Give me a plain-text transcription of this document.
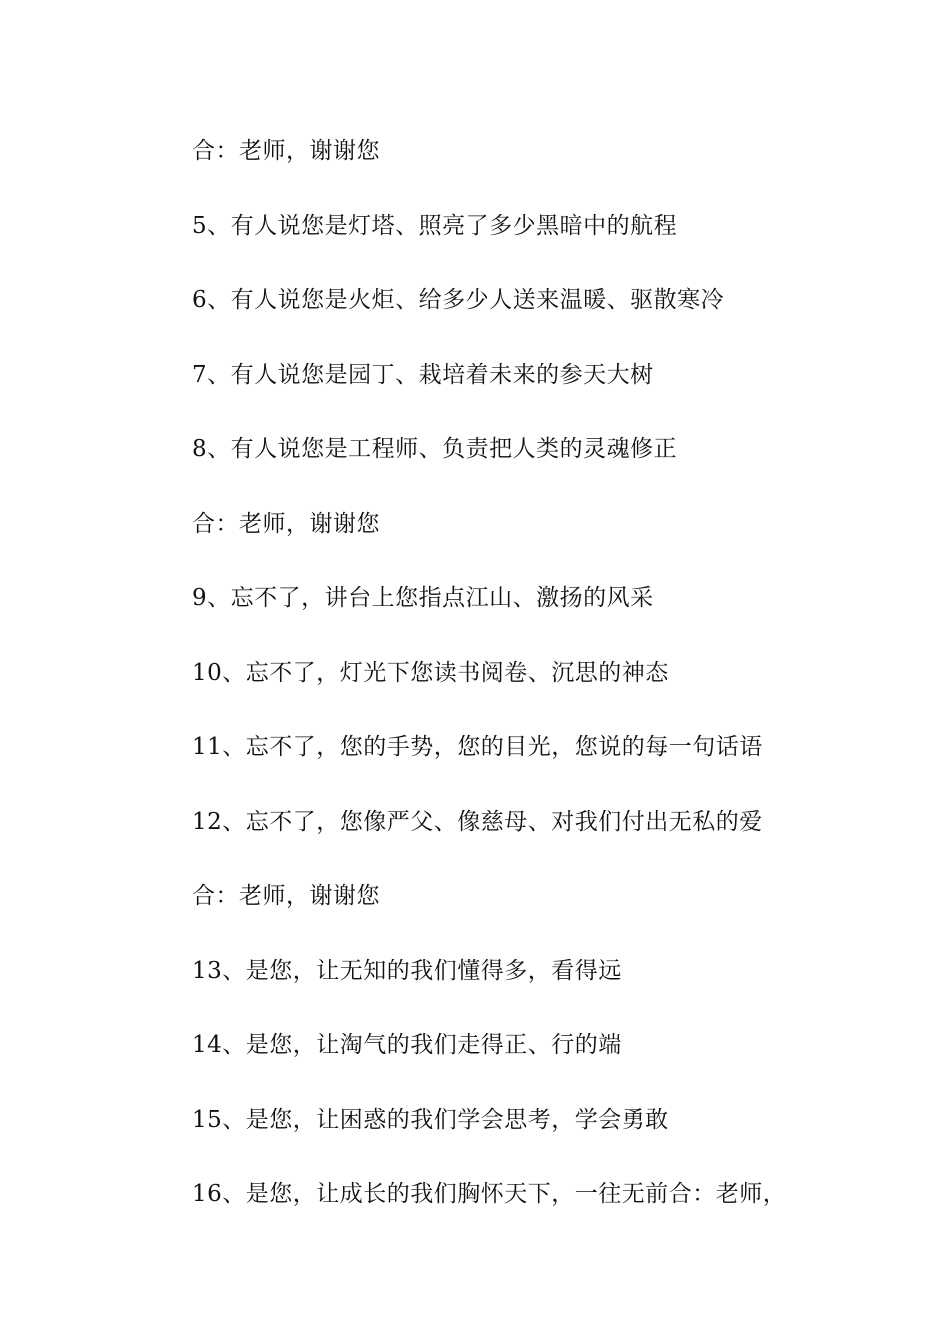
合：老师，谢谢您
5、有人说您是灯塔、照亮了多少黑暗中的航程
6、有人说您是火炬、给多少人送来温暖、驱散寒冷
7、有人说您是园丁、栽培着未来的参天大树
8、有人说您是工程师、负责把人类的灵魂修正
合：老师，谢谢您
9、忘不了，讲台上您指点江山、激扬的风采
10、忘不了，灯光下您读书阅卷、沉思的神态
11、忘不了，您的手势，您的目光，您说的每一句话语
12、忘不了，您像严父、像慈母、对我们付出无私的爱
合：老师，谢谢您
13、是您，让无知的我们懂得多，看得远
14、是您，让淘气的我们走得正、行的端
15、是您，让困惑的我们学会思考，学会勇敢
16、是您，让成长的我们胸怀天下，一往无前合：老师，
